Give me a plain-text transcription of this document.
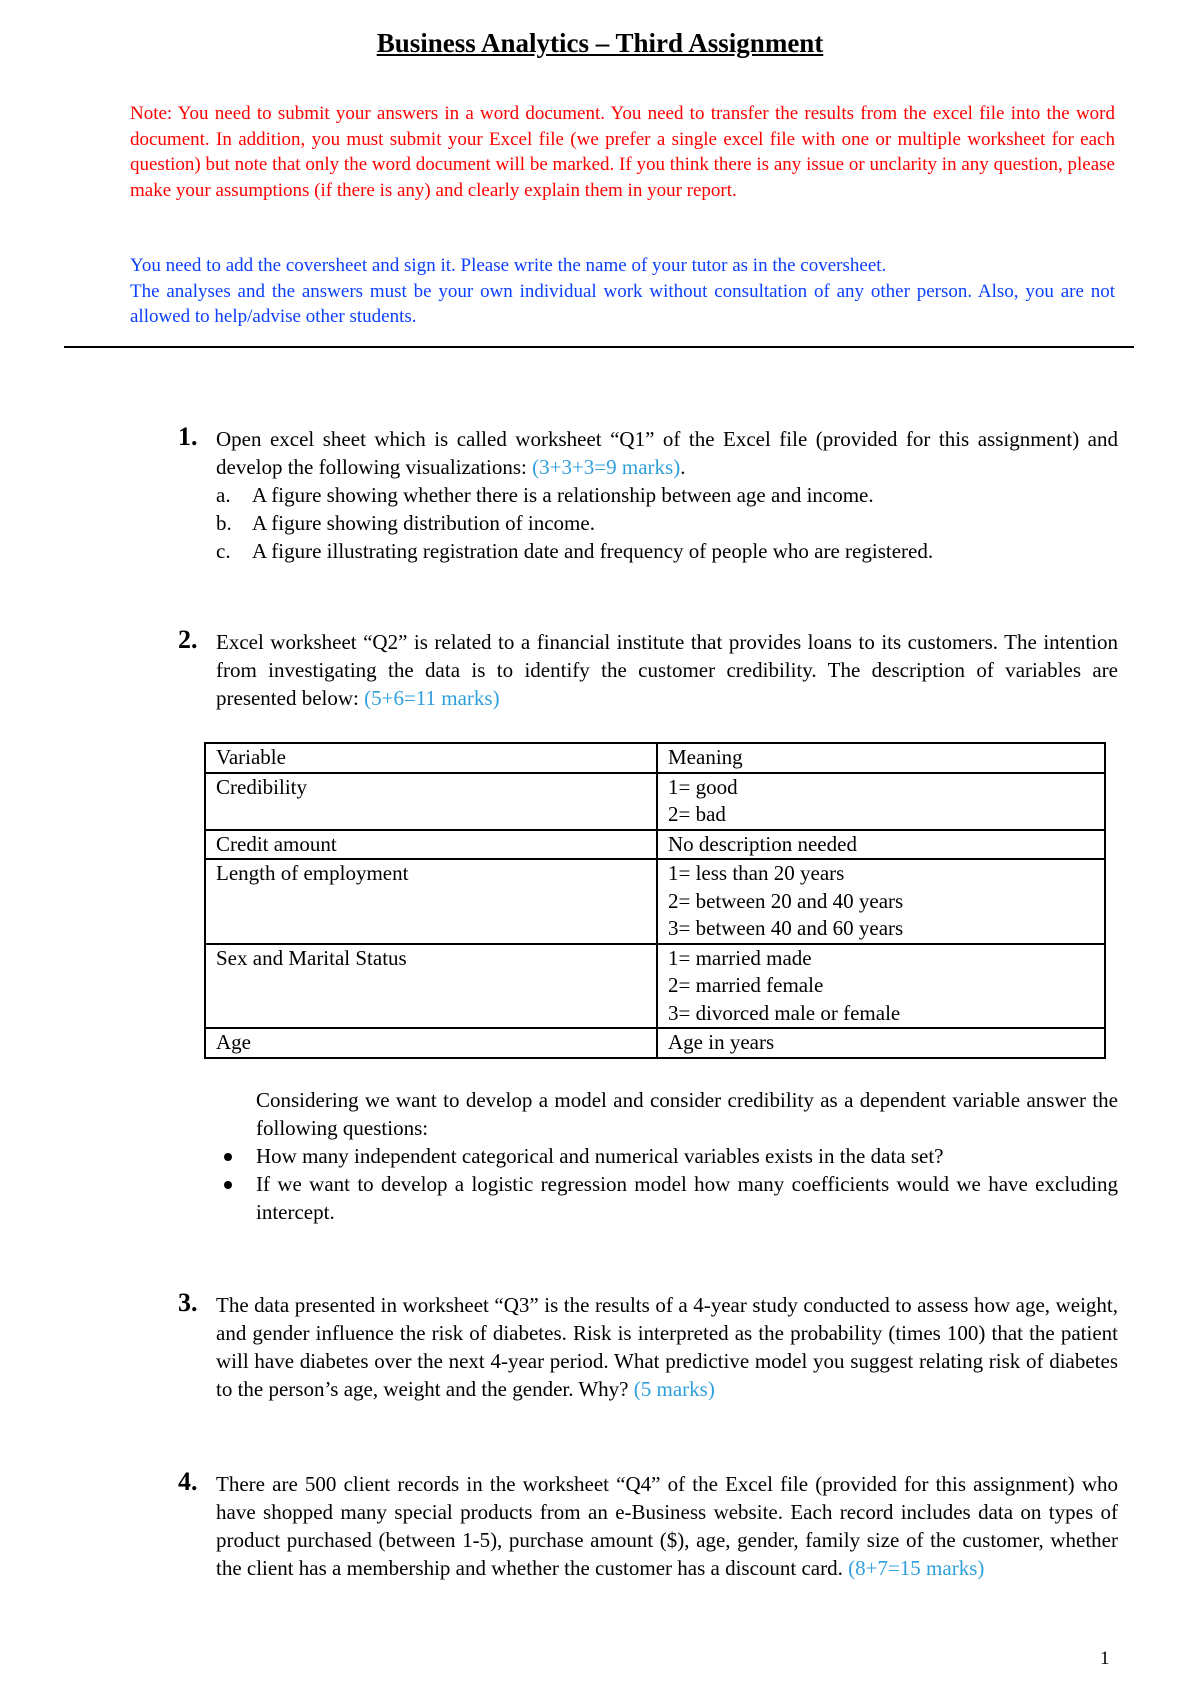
Business Analytics – Third Assignment

Note: You need to submit your answers in a word document. You need to transfer the results from the excel file into the word document. In addition, you must submit your Excel file (we prefer a single excel file with one or multiple worksheet for each question) but note that only the word document will be marked. If you think there is any issue or unclarity in any question, please make your assumptions (if there is any) and clearly explain them in your report.

You need to add the coversheet and sign it. Please write the name of your tutor as in the coversheet.

The analyses and the answers must be your own individual work without consultation of any other person. Also, you are not allowed to help/advise other students.

1. Open excel sheet which is called worksheet “Q1” of the Excel file (provided for this assignment) and develop the following visualizations: (3+3+3=9 marks).

a.	A figure showing whether there is a relationship between age and income.
b. A figure showing distribution of income.
c.	A figure illustrating registration date and frequency of people who are registered.
2. Excel worksheet “Q2” is related to a financial institute that provides loans to its customers. The intention from investigating the data is to identify the customer credibility. The description of variables are presented below: (5+6=11 marks)

Variable	Meaning
Credibility	1= good
2= bad

Credit amount	No description needed

Length of employment	1= less than 20 years
2= between 20 and 40 years
3= between 40 and 60 years

Sex and Marital Status	1= married made
2= married female
3= divorced male or female

Age	Age in years

Considering we want to develop a model and consider credibility as a dependent variable answer the following questions:

How many independent categorical and numerical variables exists in the data set?
If we want to develop a logistic regression model how many coefficients would we have excluding intercept.
3. The data presented in worksheet “Q3” is the results of a 4-year study conducted to assess how age, weight, and gender influence the risk of diabetes. Risk is interpreted as the probability (times 100) that the patient will have diabetes over the next 4-year period. What predictive model you suggest relating risk of diabetes to the person’s age, weight and the gender. Why? (5 marks)

4. There are 500 client records in the worksheet “Q4” of the Excel file (provided for this assignment) who have shopped many special products from an e-Business website. Each record includes data on types of product purchased (between 1-5), purchase amount ($), age, gender, family size of the customer, whether the client has a membership and whether the customer has a discount card. (8+7=15 marks)

1
